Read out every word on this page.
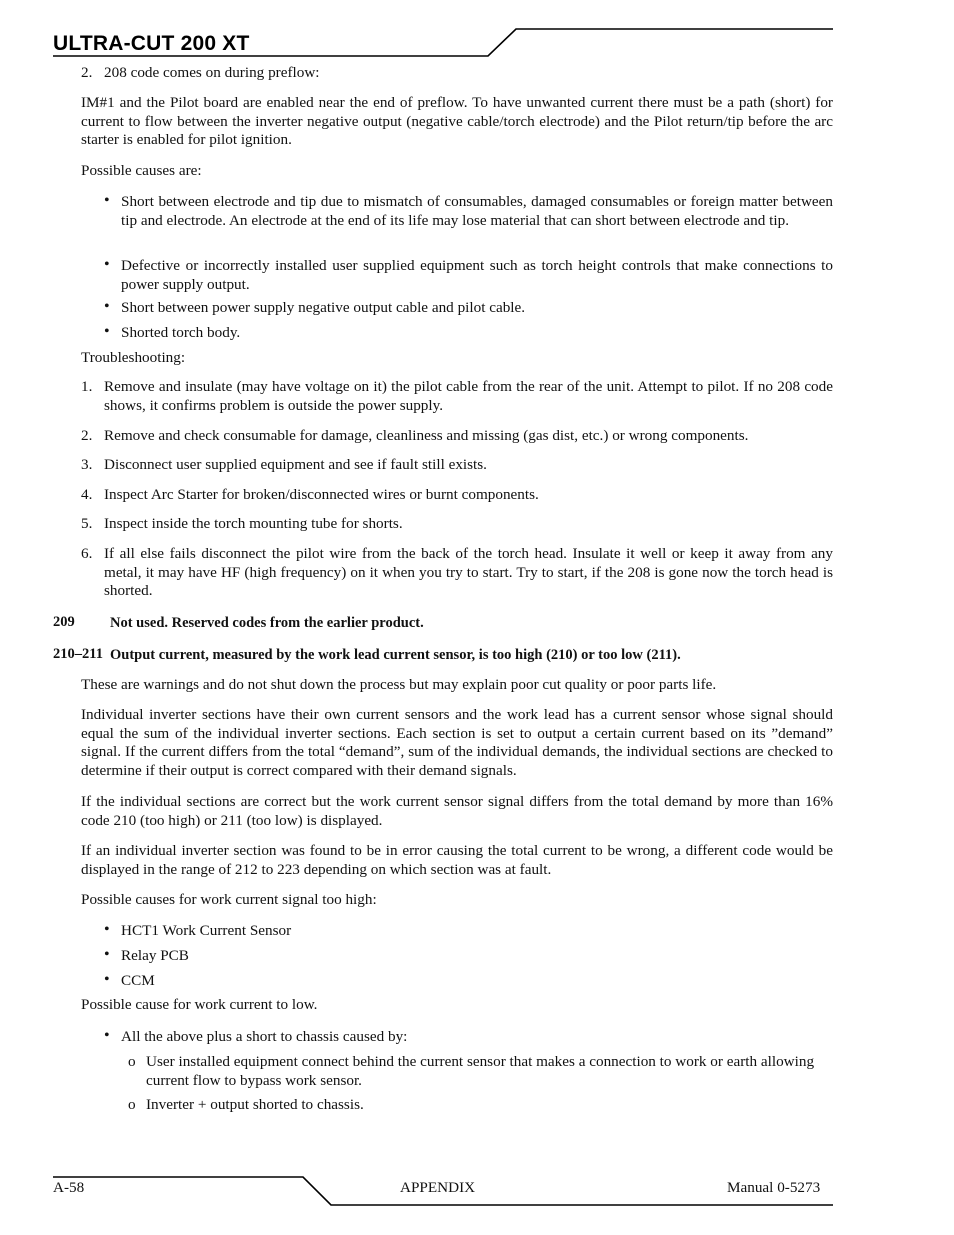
ULTRA-CUT 200 XT
2. 208 code comes on during preflow:

IM#1 and the Pilot board are enabled near the end of preflow. To have unwanted current there must be a path (short) for current to flow between the inverter negative output (negative cable/torch electrode) and the Pilot return/tip before the arc starter is enabled for pilot ignition.

Possible causes are:

• Short between electrode and tip due to mismatch of consumables, damaged consumables or foreign matter between tip and electrode. An electrode at the end of its life may lose material that can short between electrode and tip.

• Defective or incorrectly installed user supplied equipment such as torch height controls that make connections to power supply output.

• Short between power supply negative output cable and pilot cable.

• Shorted torch body.

Troubleshooting:

1. Remove and insulate (may have voltage on it) the pilot cable from the rear of the unit. Attempt to pilot. If no 208 code shows, it confirms problem is outside the power supply.

2. Remove and check consumable for damage, cleanliness and missing (gas dist, etc.) or wrong components.

3. Disconnect user supplied equipment and see if fault still exists.

4. Inspect Arc Starter for broken/disconnected wires or burnt components.

5. Inspect inside the torch mounting tube for shorts.

6. If all else fails disconnect the pilot wire from the back of the torch head. Insulate it well or keep it away from any metal, it may have HF (high frequency) on it when you try to start. Try to start, if the 208 is gone now the torch head is shorted.

209 Not used. Reserved codes from the earlier product.

210–211 Output current, measured by the work lead current sensor, is too high (210) or too low (211).

These are warnings and do not shut down the process but may explain poor cut quality or poor parts life.

Individual inverter sections have their own current sensors and the work lead has a current sensor whose signal should equal the sum of the individual inverter sections. Each section is set to output a certain current based on its ”demand” signal. If the current differs from the total “demand”, sum of the individual demands, the individual sections are checked to determine if their output is correct compared with their demand signals.

If the individual sections are correct but the work current sensor signal differs from the total demand by more than 16% code 210 (too high) or 211 (too low) is displayed.

If an individual inverter section was found to be in error causing the total current to be wrong, a different code would be displayed in the range of 212 to 223 depending on which section was at fault.

Possible causes for work current signal too high:

• HCT1 Work Current Sensor

• Relay PCB

• CCM

Possible cause for work current to low.

• All the above plus a short to chassis caused by:

o User installed equipment connect behind the current sensor that makes a connection to work or earth allowing current flow to bypass work sensor.

o Inverter + output shorted to chassis.

A-58	APPENDIX	Manual 0-5273
